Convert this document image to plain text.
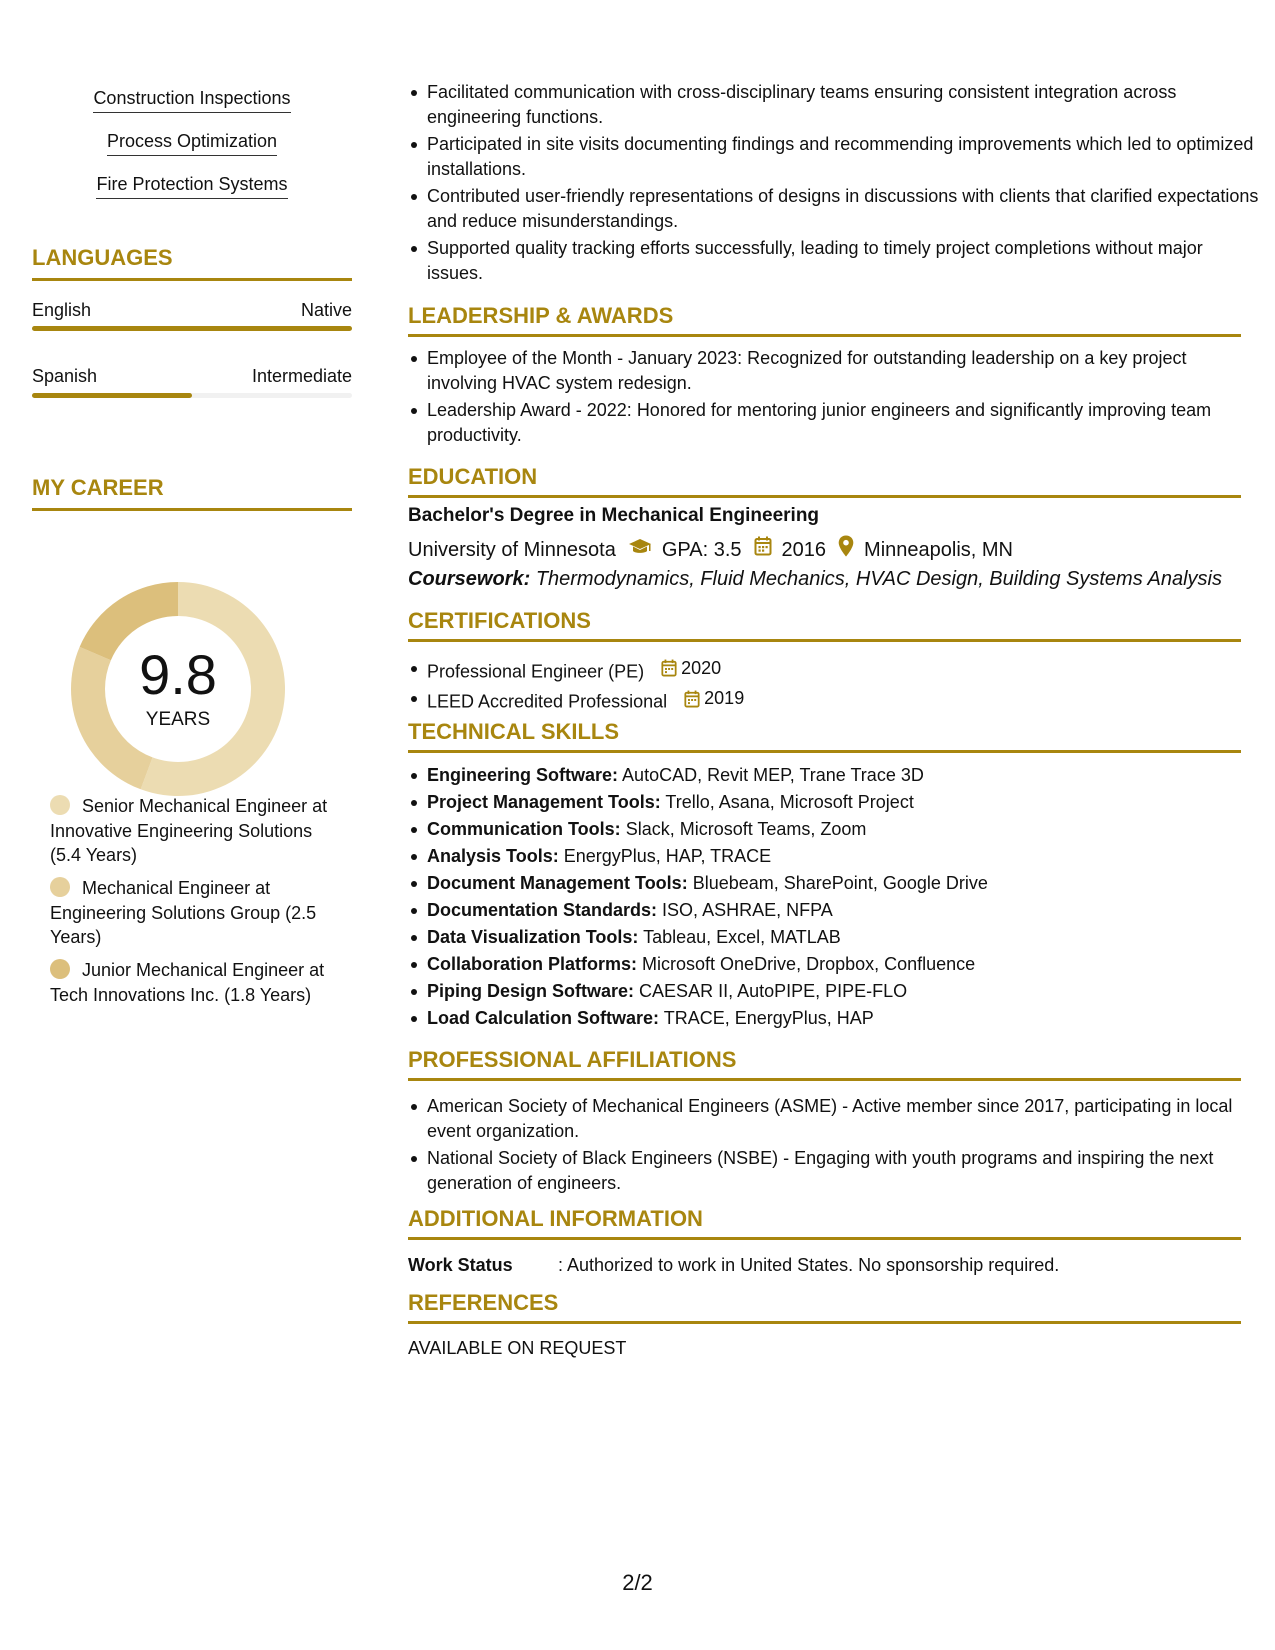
Construction Inspections
Process Optimization
Fire Protection Systems
LANGUAGES
English	Native
Spanish	Intermediate
MY CAREER
9.8
YEARS
Senior Mechanical Engineer at Innovative Engineering Solutions (5.4 Years)
Mechanical Engineer at Engineering Solutions Group (2.5 Years)
Junior Mechanical Engineer at Tech Innovations Inc. (1.8 Years)
Facilitated communication with cross-disciplinary teams ensuring consistent integration across engineering functions.
Participated in site visits documenting findings and recommending improvements which led to optimized installations.
Contributed user-friendly representations of designs in discussions with clients that clarified expectations and reduce misunderstandings.
Supported quality tracking efforts successfully, leading to timely project completions without major issues.
LEADERSHIP & AWARDS
Employee of the Month - January 2023: Recognized for outstanding leadership on a key project involving HVAC system redesign.
Leadership Award - 2022: Honored for mentoring junior engineers and significantly improving team productivity.
EDUCATION
Bachelor's Degree in Mechanical Engineering
University of Minnesota GPA: 3.5 2016 Minneapolis, MN
Coursework: Thermodynamics, Fluid Mechanics, HVAC Design, Building Systems Analysis
CERTIFICATIONS
Professional Engineer (PE) 2020
LEED Accredited Professional 2019
TECHNICAL SKILLS
Engineering Software: AutoCAD, Revit MEP, Trane Trace 3D
Project Management Tools: Trello, Asana, Microsoft Project
Communication Tools: Slack, Microsoft Teams, Zoom
Analysis Tools: EnergyPlus, HAP, TRACE
Document Management Tools: Bluebeam, SharePoint, Google Drive
Documentation Standards: ISO, ASHRAE, NFPA
Data Visualization Tools: Tableau, Excel, MATLAB
Collaboration Platforms: Microsoft OneDrive, Dropbox, Confluence
Piping Design Software: CAESAR II, AutoPIPE, PIPE-FLO
Load Calculation Software: TRACE, EnergyPlus, HAP
PROFESSIONAL AFFILIATIONS
American Society of Mechanical Engineers (ASME) - Active member since 2017, participating in local event organization.
National Society of Black Engineers (NSBE) - Engaging with youth programs and inspiring the next generation of engineers.
ADDITIONAL INFORMATION
Work Status	: Authorized to work in United States. No sponsorship required.
REFERENCES
AVAILABLE ON REQUEST
2/2
